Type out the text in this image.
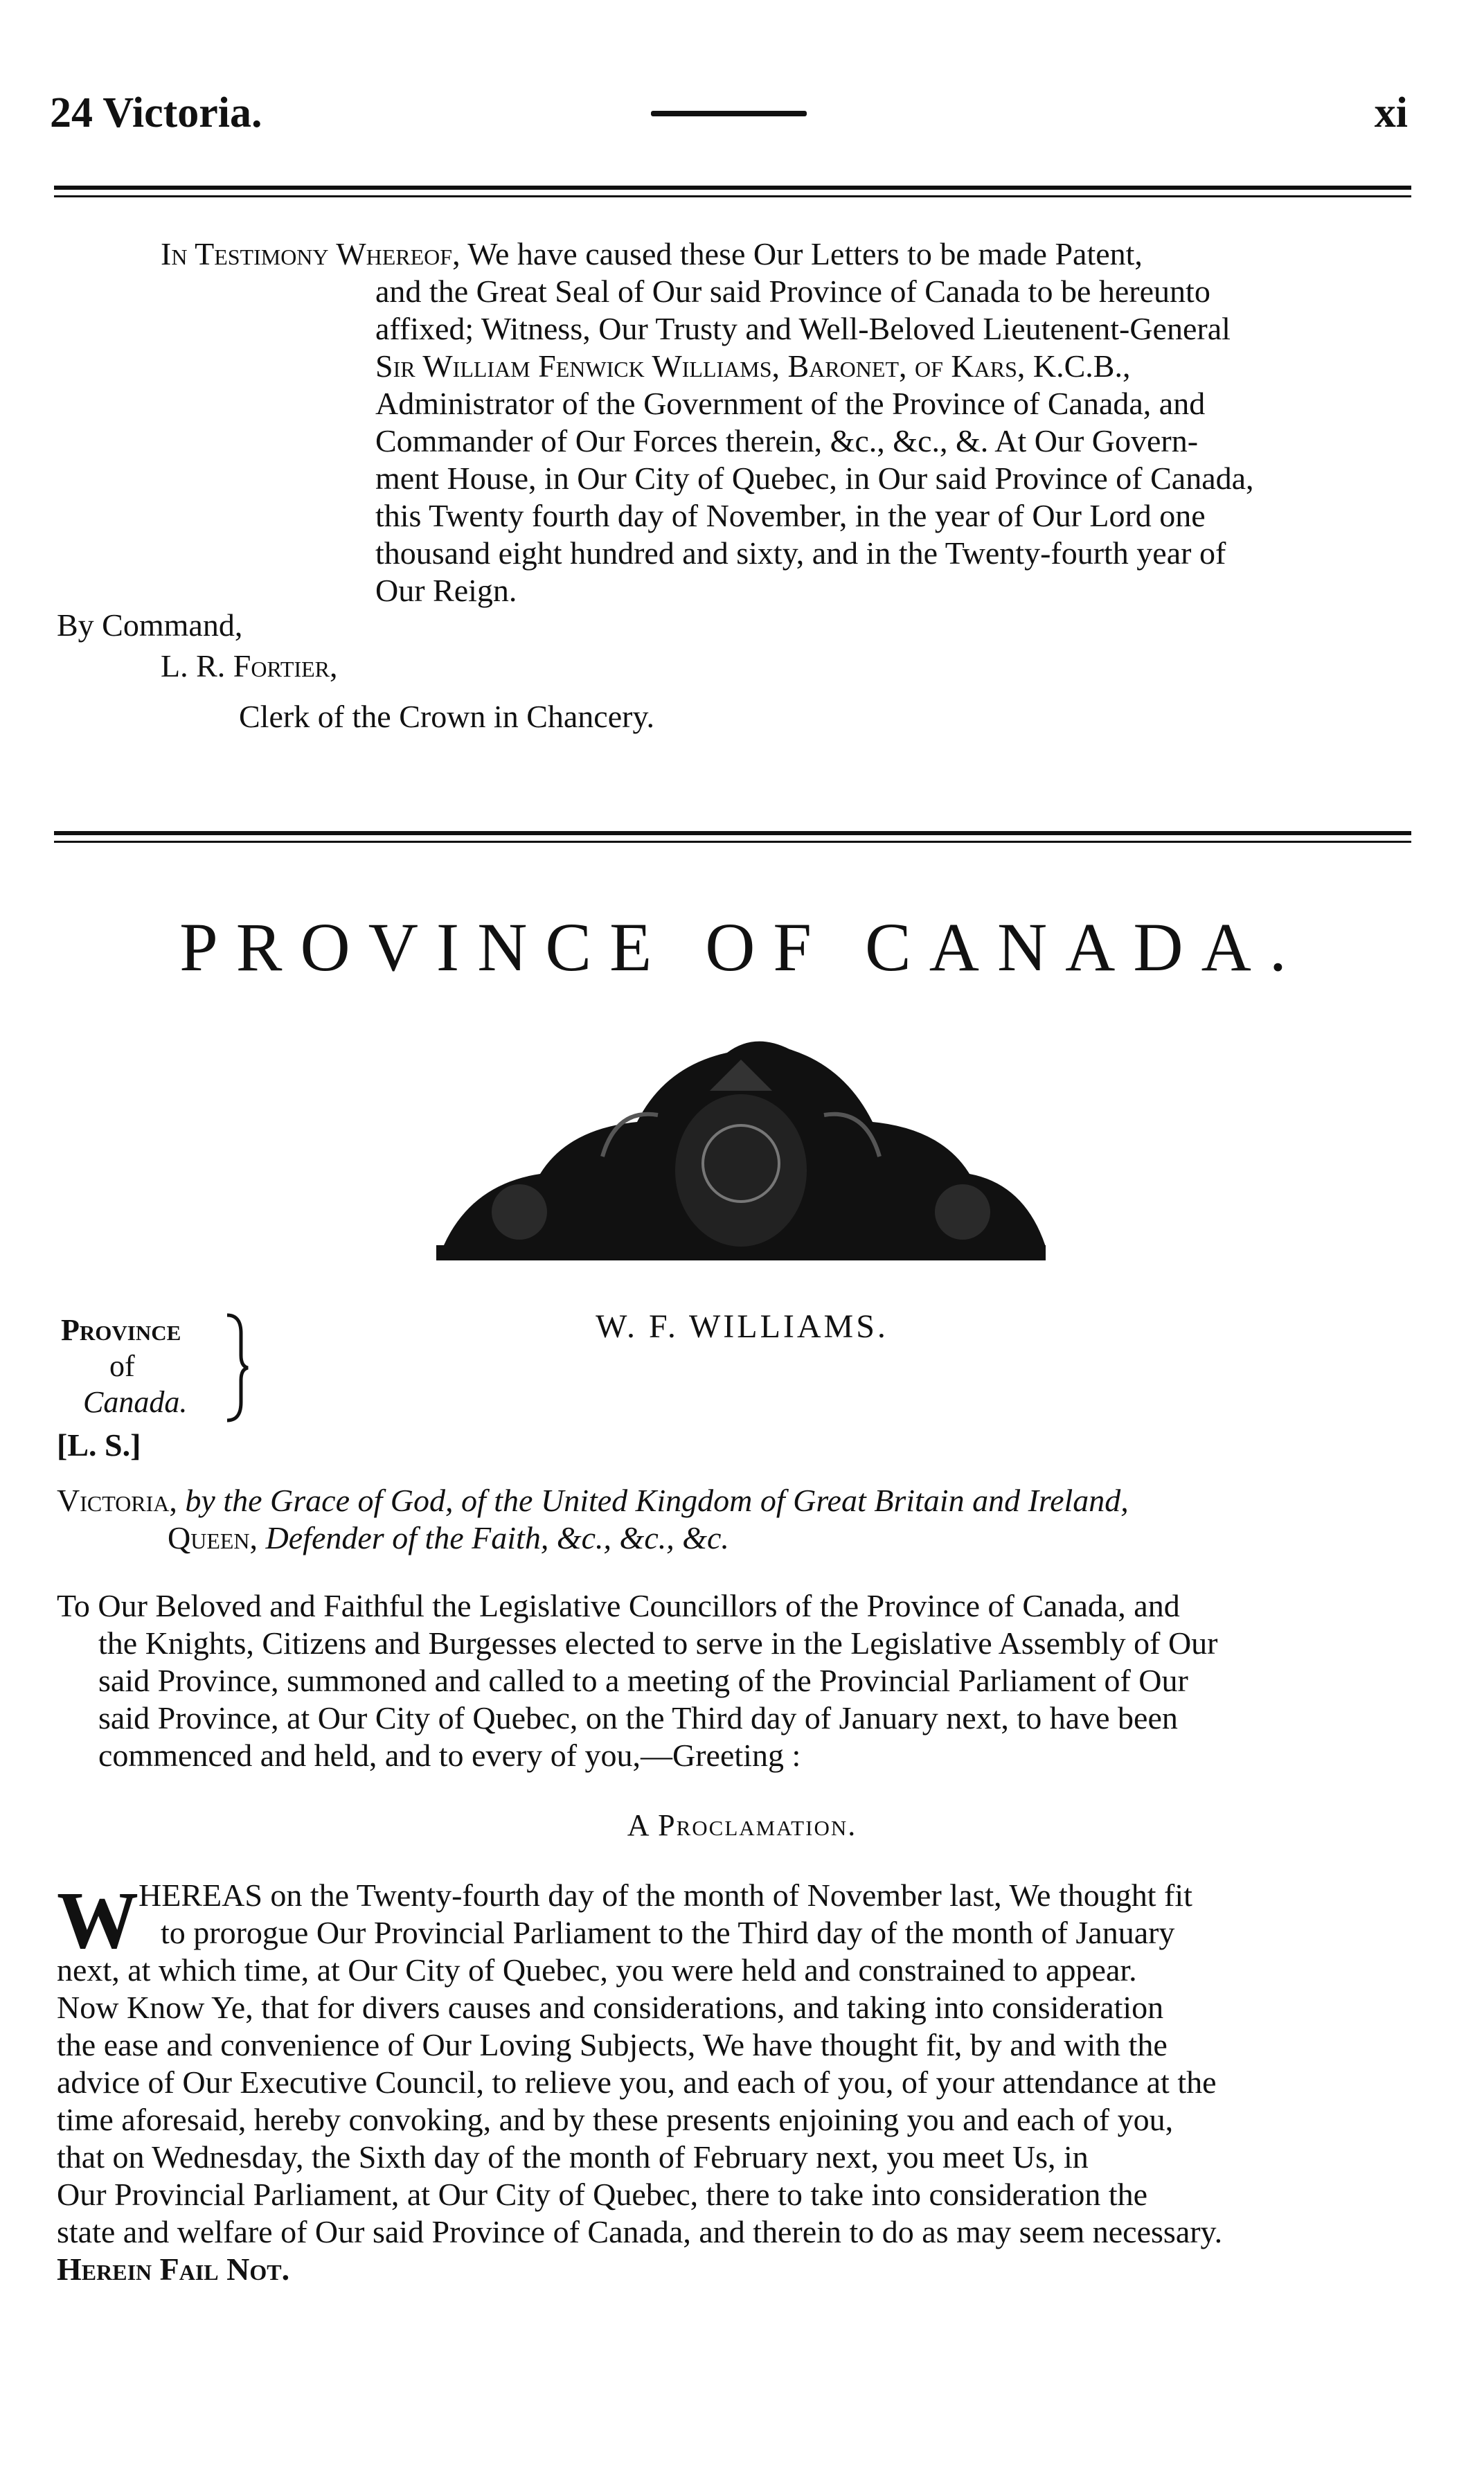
24 Victoria.	xi
In Testimony Whereof, We have caused these Our Letters to be made Patent,
and the Great Seal of Our said Province of Canada to be hereunto
affixed; Witness, Our Trusty and Well-Beloved Lieutenent-General
Sir William Fenwick Williams, Baronet, of Kars, K.C.B.,
Administrator of the Government of the Province of Canada, and
Commander of Our Forces therein, &c., &c., &. At Our Govern-
ment House, in Our City of Quebec, in Our said Province of Canada,
this Twenty fourth day of November, in the year of Our Lord one
thousand eight hundred and sixty, and in the Twenty-fourth year of
Our Reign.
By Command,
L. R. Fortier,
Clerk of the Crown in Chancery.
PROVINCE OF CANADA.
W. F. WILLIAMS.
Province
of
Canada.
[L. S.]
Victoria, by the Grace of God, of the United Kingdom of Great Britain and Ireland,
Queen, Defender of the Faith, &c., &c., &c.
To Our Beloved and Faithful the Legislative Councillors of the Province of Canada, and
the Knights, Citizens and Burgesses elected to serve in the Legislative Assembly of Our
said Province, summoned and called to a meeting of the Provincial Parliament of Our
said Province, at Our City of Quebec, on the Third day of January next, to have been
commenced and held, and to every of you,—Greeting :
A Proclamation.
W HEREAS on the Twenty-fourth day of the month of November last, We thought fit
to prorogue Our Provincial Parliament to the Third day of the month of January
next, at which time, at Our City of Quebec, you were held and constrained to appear.
Now Know Ye, that for divers causes and considerations, and taking into consideration
the ease and convenience of Our Loving Subjects, We have thought fit, by and with the
advice of Our Executive Council, to relieve you, and each of you, of your attendance at the
time aforesaid, hereby convoking, and by these presents enjoining you and each of you,
that on Wednesday, the Sixth day of the month of February next, you meet Us, in
Our Provincial Parliament, at Our City of Quebec, there to take into consideration the
state and welfare of Our said Province of Canada, and therein to do as may seem necessary.
Herein Fail Not.
